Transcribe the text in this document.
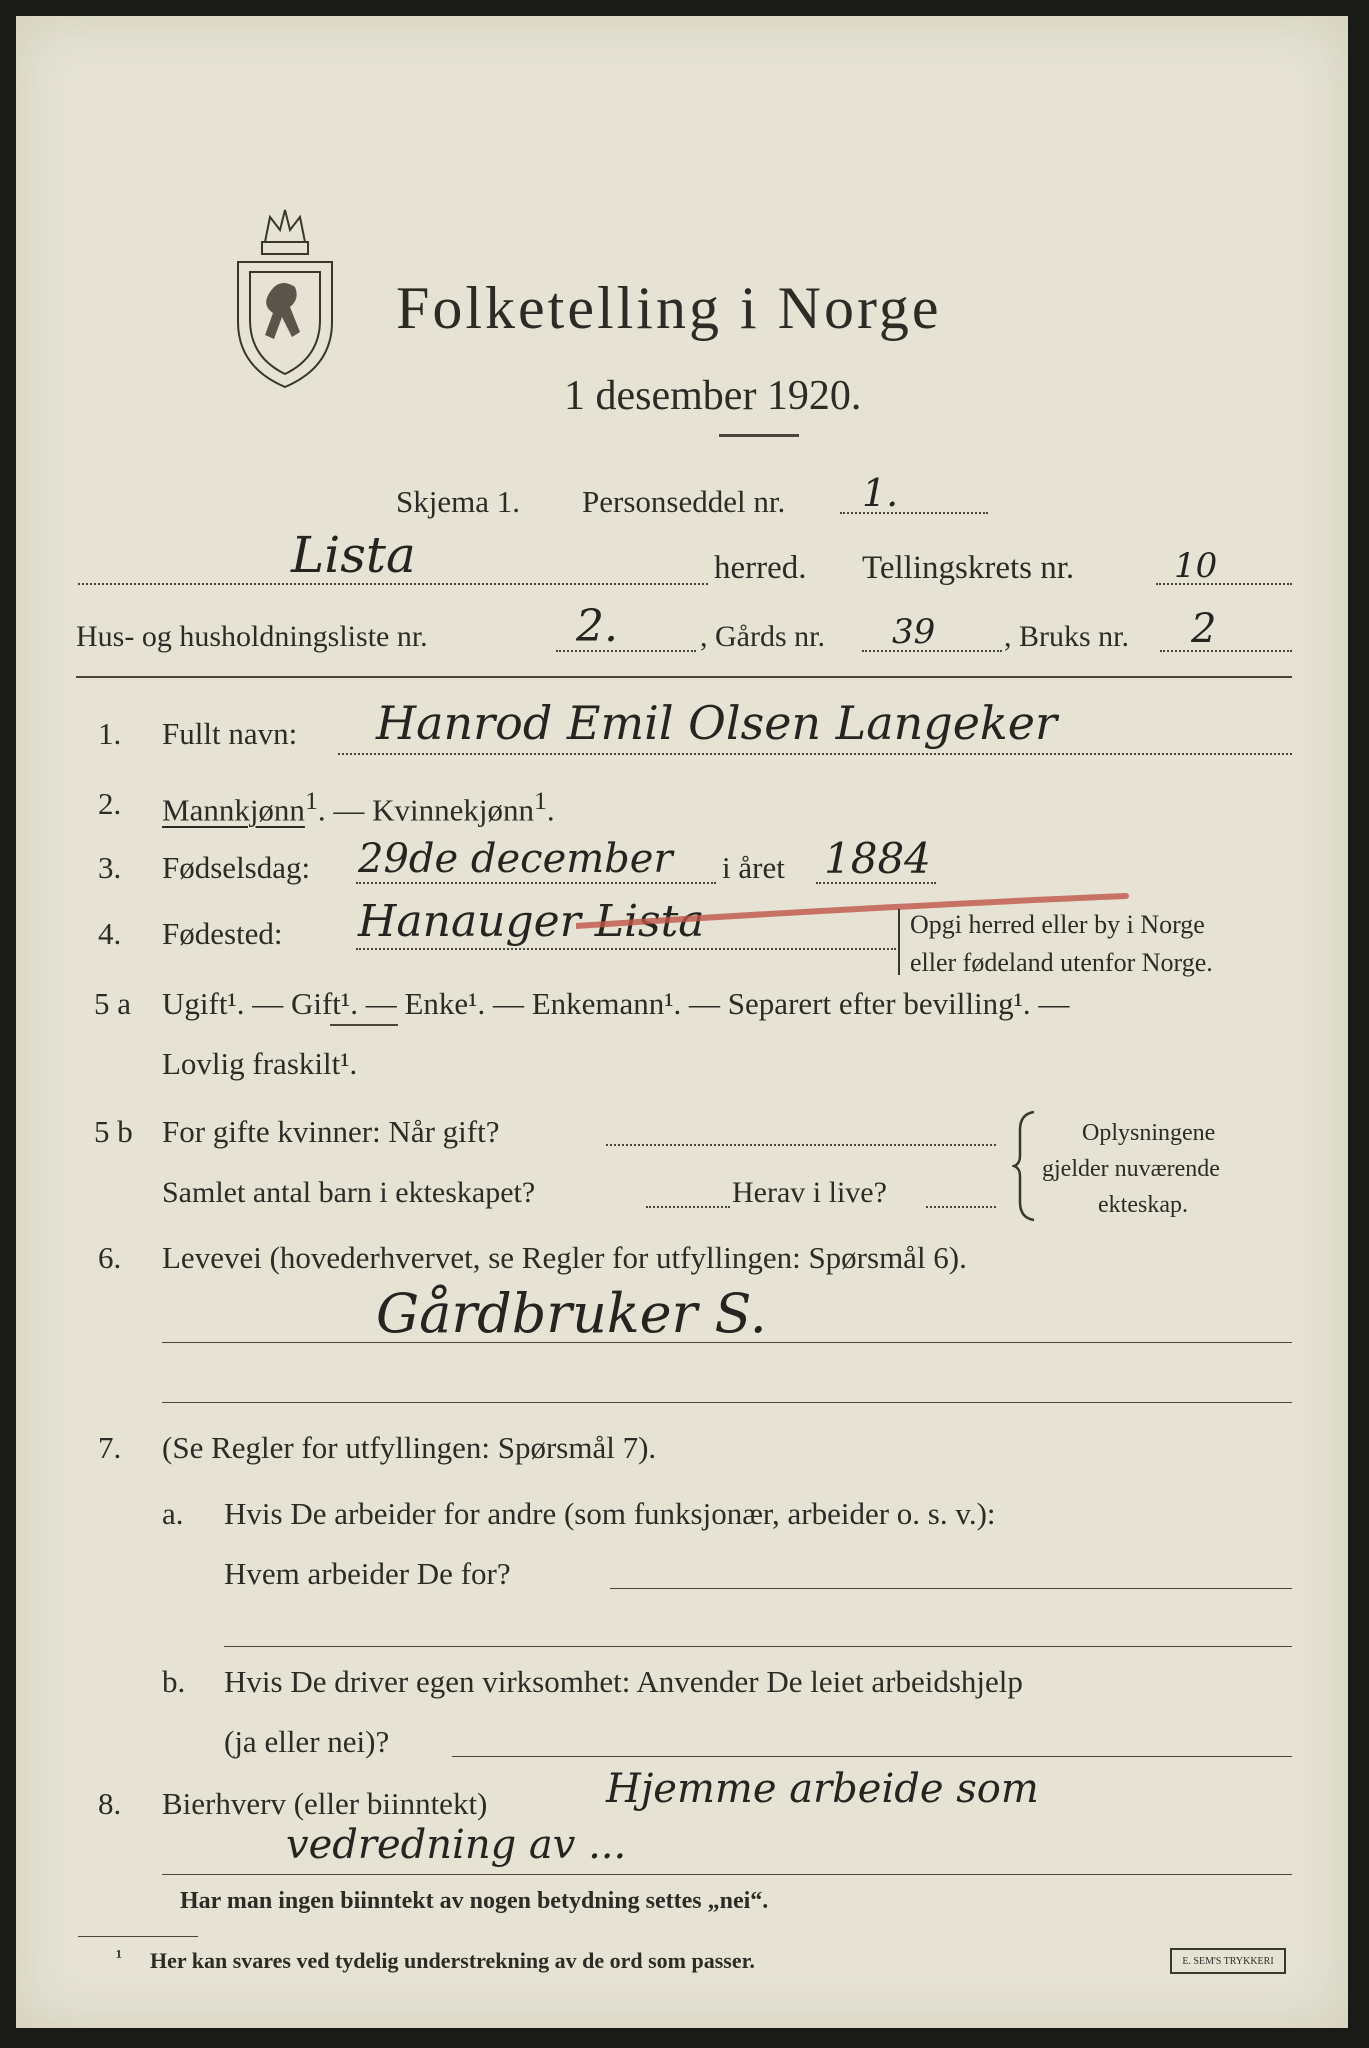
Folketelling i Norge
1 desember 1920.
Skjema 1. Personseddel nr. 1.
Lista	herred. Tellingskrets nr.	10
Hus- og husholdningsliste nr.	2.	, Gårds nr. 39 , Bruks nr. 2
1. Fullt navn: Hanrod Emil Olsen Langeker
2. Mannkjønn$^1$. — Kvinnekjønn$^1$.
3. Fødselsdag: 29de december i året 1884
4. Fødested: Hanauger Lista	Opgi herred eller by i Norge
eller fødeland utenfor Norge.
5 a Ugift¹. — Gift¹. — Enke¹. — Enkemann¹. — Separert efter bevilling¹. —
Lovlig fraskilt¹.
5 b For gifte kvinner: Når gift?
Samlet antal barn i ekteskapet?	Herav i live?
Oplysningene
gjelder nuværende
ekteskap.
6. Levevei (hovederhvervet, se Regler for utfyllingen: Spørsmål 6).
Gårdbruker S.
7. (Se Regler for utfyllingen: Spørsmål 7).
a. Hvis De arbeider for andre (som funksjonær, arbeider o. s. v.):
Hvem arbeider De for?
b. Hvis De driver egen virksomhet: Anvender De leiet arbeidshjelp
(ja eller nei)?
8. Bierhverv (eller biinntekt)	Hjemme arbeide som
vedredning av ...
Har man ingen biinntekt av nogen betydning settes „nei“.
¹ Her kan svares ved tydelig understrekning av de ord som passer.	E. SEM'S TRYKKERI
